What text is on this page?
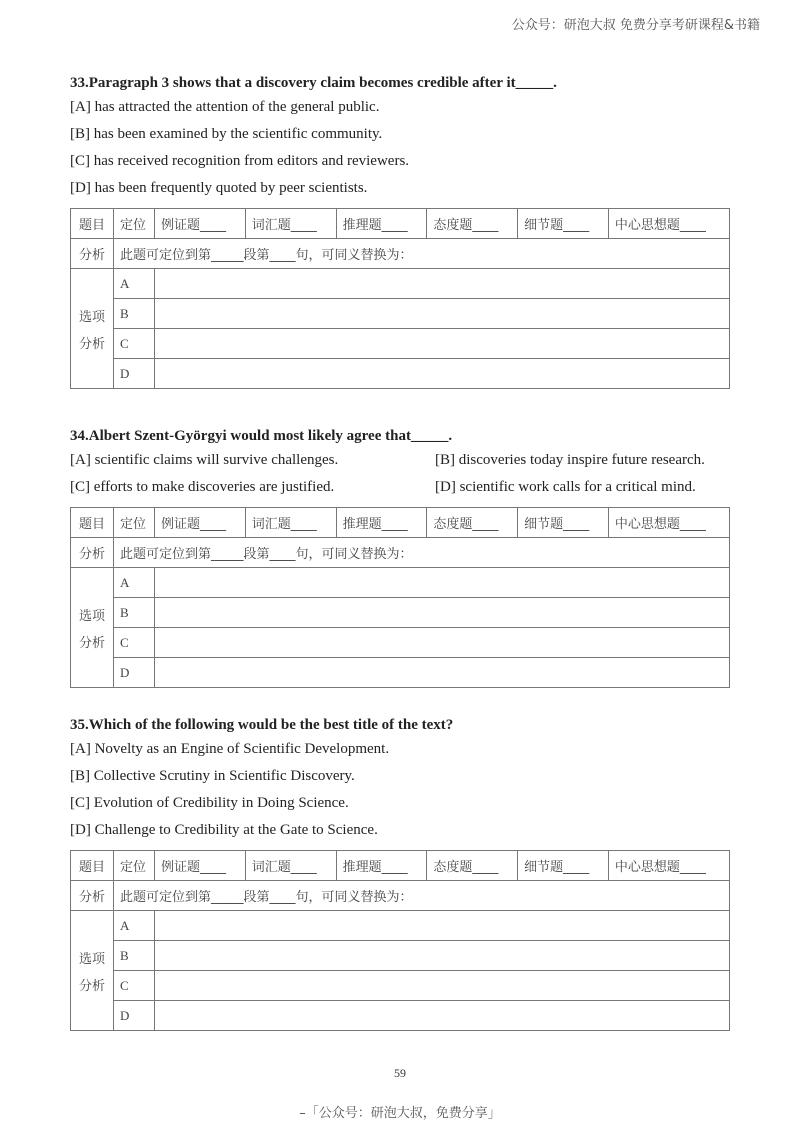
公众号：研泡大叔 免费分享考研课程&书籍

33.Paragraph 3 shows that a discovery claim becomes credible after it_____.

[A] has attracted the attention of the general public.

[B] has been examined by the scientific community.

[C] has received recognition from editors and reviewers.

[D] has been frequently quoted by peer scientists.

题目	定位	例证题____	词汇题____	推理题____	态度题____	细节题____	中心思想题____
分析	此题可定位到第_____段第____句，可同义替换为：						

选项
分析	A						
	B						
	C						
	D						

34.Albert Szent-Györgyi would most likely agree that_____.

[A] scientific claims will survive challenges.	[B] discoveries today inspire future research.
[C] efforts to make discoveries are justified.	[D] scientific work calls for a critical mind.
题目	定位	例证题____	词汇题____	推理题____	态度题____	细节题____	中心思想题____
分析	此题可定位到第_____段第____句，可同义替换为：						

选项
分析	A						
	B						
	C						
	D						

35.Which of the following would be the best title of the text?

[A] Novelty as an Engine of Scientific Development.

[B] Collective Scrutiny in Scientific Discovery.

[C] Evolution of Credibility in Doing Science.

[D] Challenge to Credibility at the Gate to Science.

题目	定位	例证题____	词汇题____	推理题____	态度题____	细节题____	中心思想题____
分析	此题可定位到第_____段第____句，可同义替换为：						

选项
分析	A						
	B						
	C						
	D						
59
–「公众号：研泡大叔，免费分享」
